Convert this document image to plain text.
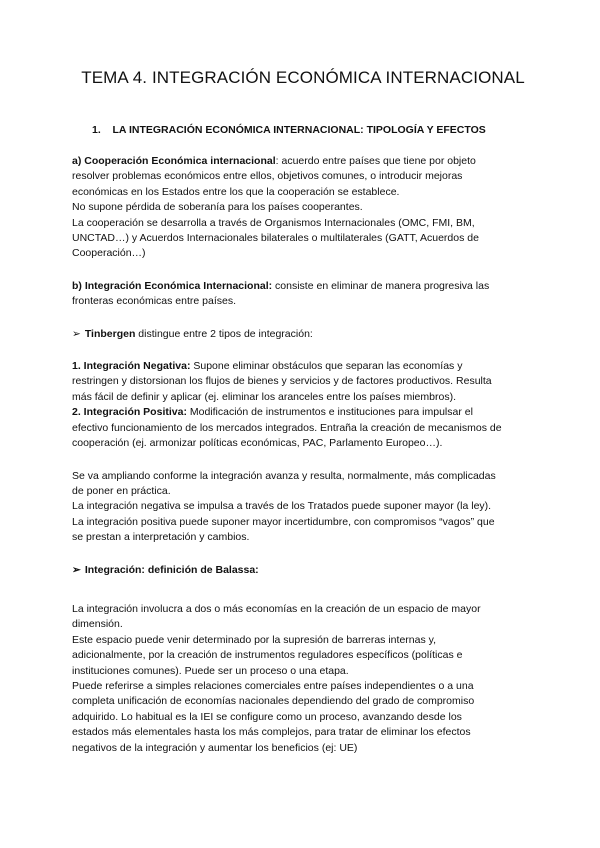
TEMA 4. INTEGRACIÓN ECONÓMICA INTERNACIONAL
1. LA INTEGRACIÓN ECONÓMICA INTERNACIONAL: TIPOLOGÍA Y EFECTOS

a) Cooperación Económica internacional: acuerdo entre países que tiene por objeto

resolver problemas económicos entre ellos, objetivos comunes, o introducir mejoras

económicas en los Estados entre los que la cooperación se establece.

No supone pérdida de soberanía para los países cooperantes.

La cooperación se desarrolla a través de Organismos Internacionales (OMC, FMI, BM,

UNCTAD…) y Acuerdos Internacionales bilaterales o multilaterales (GATT, Acuerdos de

Cooperación…)

b) Integración Económica Internacional: consiste en eliminar de manera progresiva las

fronteras económicas entre países.

➢ Tinbergen distingue entre 2 tipos de integración:

1. Integración Negativa: Supone eliminar obstáculos que separan las economías y

restringen y distorsionan los flujos de bienes y servicios y de factores productivos. Resulta

más fácil de definir y aplicar (ej. eliminar los aranceles entre los países miembros).

2. Integración Positiva: Modificación de instrumentos e instituciones para impulsar el

efectivo funcionamiento de los mercados integrados. Entraña la creación de mecanismos de

cooperación (ej. armonizar políticas económicas, PAC, Parlamento Europeo…).

Se va ampliando conforme la integración avanza y resulta, normalmente, más complicadas

de poner en práctica.

La integración negativa se impulsa a través de los Tratados puede suponer mayor (la ley).

La integración positiva puede suponer mayor incertidumbre, con compromisos “vagos” que

se prestan a interpretación y cambios.

➢ Integración: definición de Balassa:

La integración involucra a dos o más economías en la creación de un espacio de mayor

dimensión.

Este espacio puede venir determinado por la supresión de barreras internas y,

adicionalmente, por la creación de instrumentos reguladores específicos (políticas e

instituciones comunes). Puede ser un proceso o una etapa.

Puede referirse a simples relaciones comerciales entre países independientes o a una

completa unificación de economías nacionales dependiendo del grado de compromiso

adquirido. Lo habitual es la IEI se configure como un proceso, avanzando desde los

estados más elementales hasta los más complejos, para tratar de eliminar los efectos

negativos de la integración y aumentar los beneficios (ej: UE)
